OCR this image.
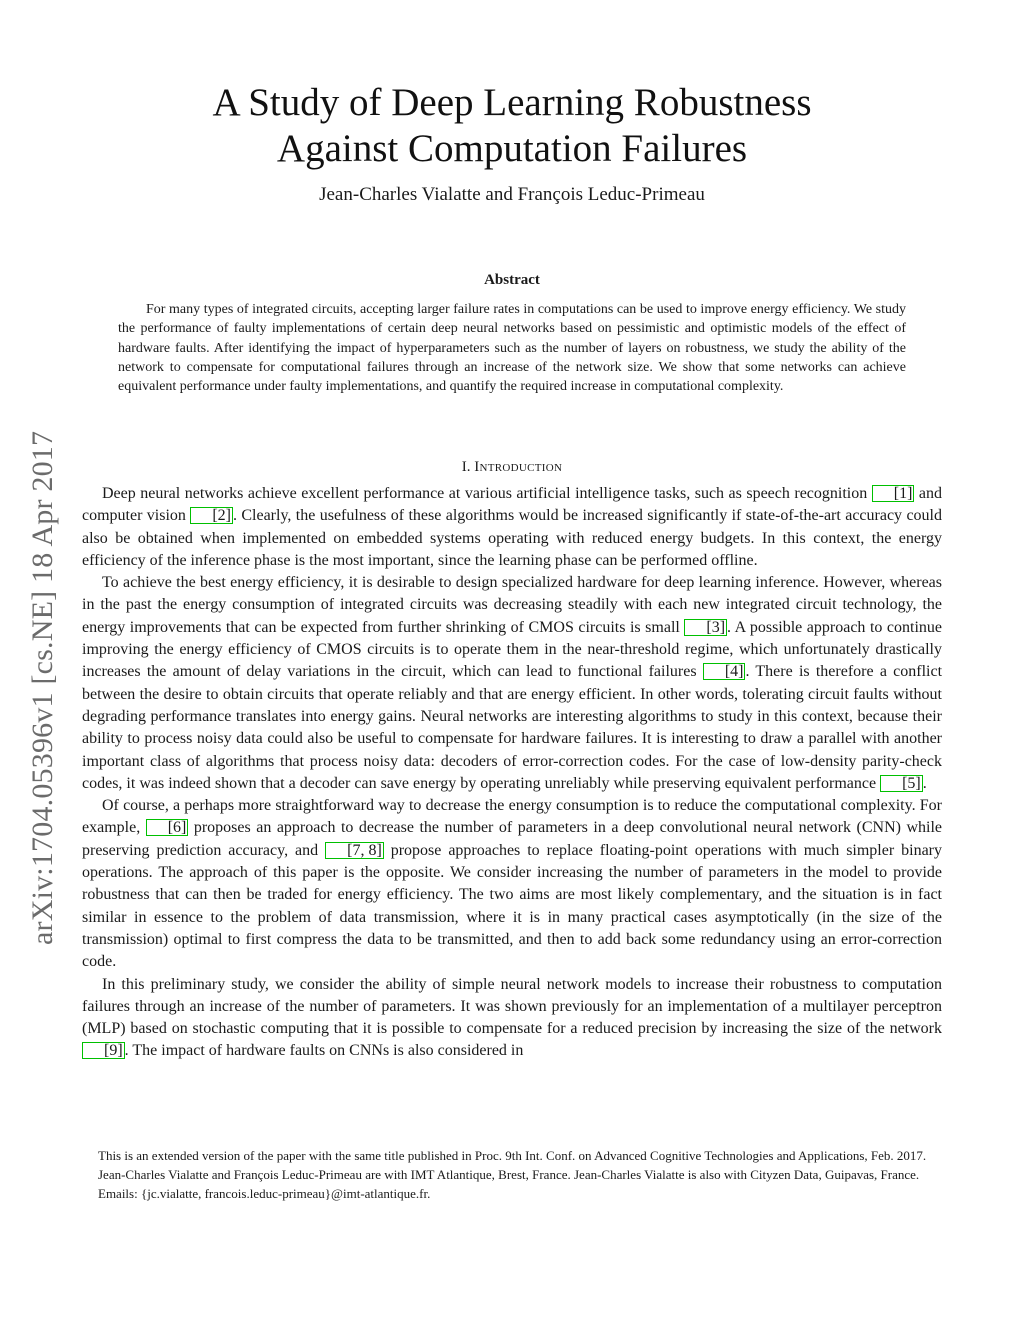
arXiv:1704.05396v1 [cs.NE] 18 Apr 2017
A Study of Deep Learning Robustness
Against Computation Failures
Jean-Charles Vialatte and François Leduc-Primeau
Abstract

For many types of integrated circuits, accepting larger failure rates in computations can be used to improve energy efficiency. We study the performance of faulty implementations of certain deep neural networks based on pessimistic and optimistic models of the effect of hardware faults. After identifying the impact of hyperparameters such as the number of layers on robustness, we study the ability of the network to compensate for computational failures through an increase of the network size. We show that some networks can achieve equivalent performance under faulty implementations, and quantify the required increase in computational complexity.

I. Introduction

Deep neural networks achieve excellent performance at various artificial intelligence tasks, such as speech recognition [1] and computer vision [2] . Clearly, the usefulness of these algorithms would be increased significantly if state-of-the-art accuracy could also be obtained when implemented on embedded systems operating with reduced energy budgets. In this context, the energy efficiency of the inference phase is the most important, since the learning phase can be performed offline.

To achieve the best energy efficiency, it is desirable to design specialized hardware for deep learning inference. However, whereas in the past the energy consumption of integrated circuits was decreasing steadily with each new integrated circuit technology, the energy improvements that can be expected from further shrinking of CMOS circuits is small [3] . A possible approach to continue improving the energy efficiency of CMOS circuits is to operate them in the near-threshold regime, which unfortunately drastically increases the amount of delay variations in the circuit, which can lead to functional failures [4] . There is therefore a conflict between the desire to obtain circuits that operate reliably and that are energy efficient. In other words, tolerating circuit faults without degrading performance translates into energy gains. Neural networks are interesting algorithms to study in this context, because their ability to process noisy data could also be useful to compensate for hardware failures. It is interesting to draw a parallel with another important class of algorithms that process noisy data: decoders of error-correction codes. For the case of low-density parity-check codes, it was indeed shown that a decoder can save energy by operating unreliably while preserving equivalent performance [5] .

Of course, a perhaps more straightforward way to decrease the energy consumption is to reduce the computational complexity. For example, [6] proposes an approach to decrease the number of parameters in a deep convolutional neural network (CNN) while preserving prediction accuracy, and [7, 8] propose approaches to replace floating-point operations with much simpler binary operations. The approach of this paper is the opposite. We consider increasing the number of parameters in the model to provide robustness that can then be traded for energy efficiency. The two aims are most likely complementary, and the situation is in fact similar in essence to the problem of data transmission, where it is in many practical cases asymptotically (in the size of the transmission) optimal to first compress the data to be transmitted, and then to add back some redundancy using an error-correction code.

In this preliminary study, we consider the ability of simple neural network models to increase their robustness to computation failures through an increase of the number of parameters. It was shown previously for an implementation of a multilayer perceptron (MLP) based on stochastic computing that it is possible to compensate for a reduced precision by increasing the size of the network [9] . The impact of hardware faults on CNNs is also considered in

This is an extended version of the paper with the same title published in Proc. 9th Int. Conf. on Advanced Cognitive Technologies and Applications, Feb. 2017.

Jean-Charles Vialatte and François Leduc-Primeau are with IMT Atlantique, Brest, France. Jean-Charles Vialatte is also with Cityzen Data, Guipavas, France.

Emails: {jc.vialatte, francois.leduc-primeau}@imt-atlantique.fr.
